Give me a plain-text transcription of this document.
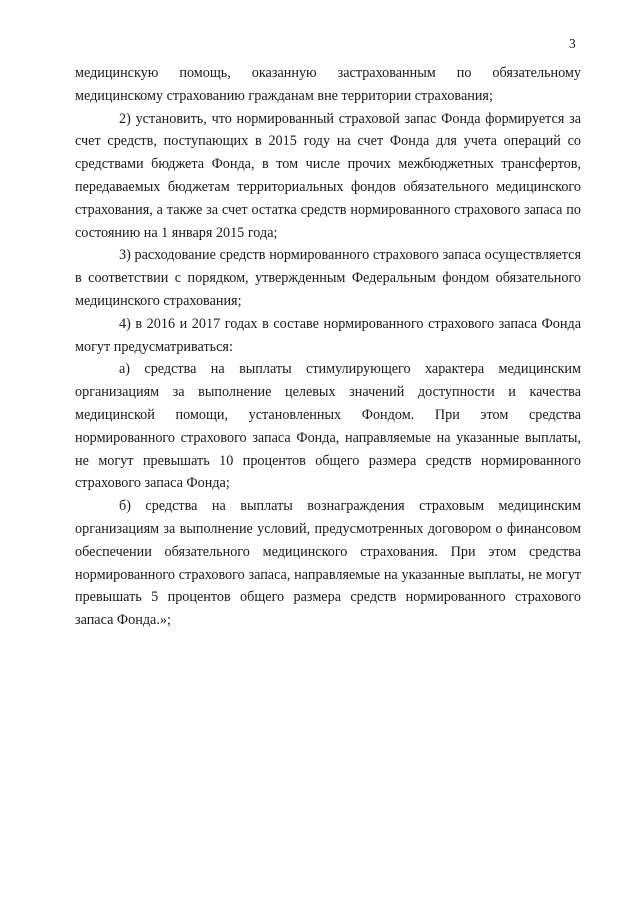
3

медицинскую помощь, оказанную застрахованным по обязательному медицинскому страхованию гражданам вне территории страхования;

2) установить, что нормированный страховой запас Фонда формируется за счет средств, поступающих в 2015 году на счет Фонда для учета операций со средствами бюджета Фонда, в том числе прочих межбюджетных трансфертов, передаваемых бюджетам территориальных фондов обязательного медицинского страхования, а также за счет остатка средств нормированного страхового запаса по состоянию на 1 января 2015 года;

3) расходование средств нормированного страхового запаса осуществляется в соответствии с порядком, утвержденным Федеральным фондом обязательного медицинского страхования;

4) в 2016 и 2017 годах в составе нормированного страхового запаса Фонда могут предусматриваться:

а) средства на выплаты стимулирующего характера медицинским организациям за выполнение целевых значений доступности и качества медицинской помощи, установленных Фондом. При этом средства нормированного страхового запаса Фонда, направляемые на указанные выплаты, не могут превышать 10 процентов общего размера средств нормированного страхового запаса Фонда;

б) средства на выплаты вознаграждения страховым медицинским организациям за выполнение условий, предусмотренных договором о финансовом обеспечении обязательного медицинского страхования. При этом средства нормированного страхового запаса, направляемые на указанные выплаты, не могут превышать 5 процентов общего размера средств нормированного страхового запаса Фонда.»;
